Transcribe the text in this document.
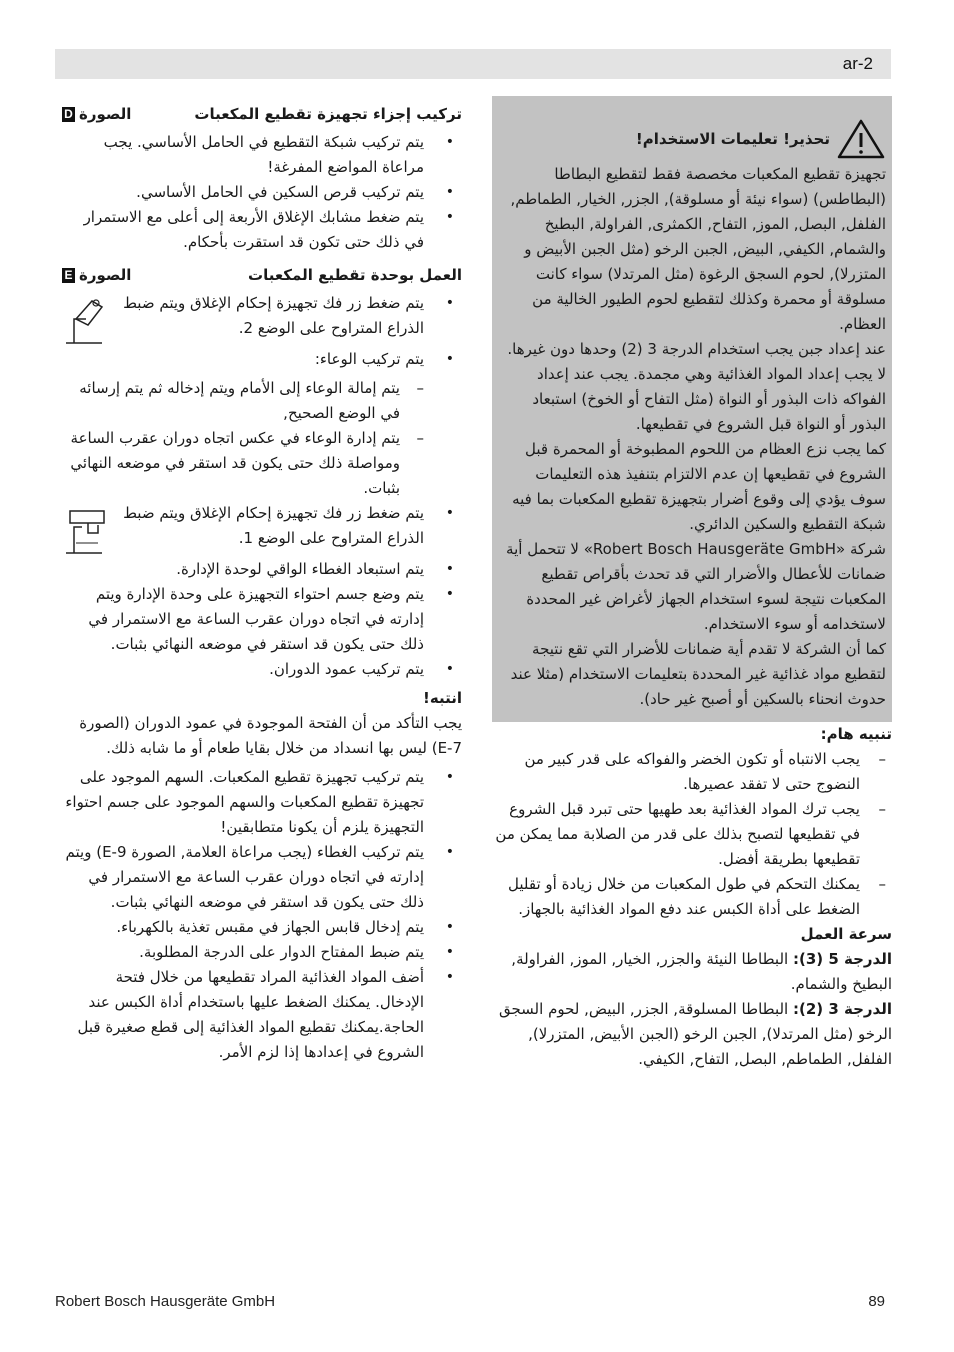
ar-2
تركيب إجزاء تجهيزة تقطيع المكعبات
الصورة
D
• يتم تركيب شبكة التقطيع في الحامل الأساسي. يجب مراعاة المواضع المفرغة!
• يتم تركيب قرص السكين في الحامل الأساسي.
• يتم ضغط مشابك الإغلاق الأربعة إلى أعلى مع الاستمرار في ذلك حتى تكون قد استقرت بأحكام.
العمل بوحدة تقطيع المكعبات
الصورة
E
• يتم ضغط زر فك تجهيزة إحكام الإغلاق ويتم ضبط الذراع المتراوح على الوضع 2.
• يتم تركيب الوعاء:
– يتم إمالة الوعاء إلى الأمام ويتم إدخاله ثم يتم إرسائه في الوضع الصحيح,
– يتم إدارة الوعاء في عكس اتجاه دوران عقرب الساعة ومواصلة ذلك حتى يكون قد استقر في موضعه النهائي بثبات.
• يتم ضغط زر فك تجهيزة إحكام الإغلاق ويتم ضبط الذراع المتراوح على الوضع 1.
• يتم استبعاد الغطاء الواقي لوحدة الإدارة.
• يتم وضع جسم احتواء التجهيزة على وحدة الإدارة ويتم إدارته في اتجاه دوران عقرب الساعة مع الاستمرار في ذلك حتى يكون قد استقر في موضعه النهائي بثبات.
• يتم تركيب عمود الدوران.

انتبه!

يجب التأكد من أن الفتحة الموجودة في عمود الدوران (الصورة E-7) ليس بها انسداد من خلال بقايا طعام أو ما شابه ذلك.

• يتم تركيب تجهيزة تقطيع المكعبات. السهم الموجود على تجهيزة تقطيع المكعبات والسهم الموجود على جسم احتواء التجهيزة يلزم أن يكونا متطابقين!
• يتم تركيب الغطاء (يجب مراعاة العلامة, الصورة E-9) ويتم إدارته في اتجاه دوران عقرب الساعة مع الاستمرار في ذلك حتى يكون قد استقر في موضعه النهائي بثبات.
• يتم إدخال قابس الجهاز في مقبس تغذية بالكهرباء.
• يتم ضبط المفتاح الدوار على الدرجة المطلوبة.
• أضف المواد الغذائية المراد تقطيعها من خلال فتحة الإدخال. يمكنك الضغط عليها باستخدام أداة الكبس عند الحاجة.يمكنك تقطيع المواد الغذائية إلى قطع صغيرة قبل الشروع في إعدادها إذا لزم الأمر.
تحذير! تعليمات الاستخدام!

تجهيزة تقطيع المكعبات مخصصة فقط لتقطيع البطاطا (البطاطس) (سواء نيئة أو مسلوقة), الجزر, الخيار, الطماطم, الفلفل, البصل, الموز, التفاح, الكمثرى, الفراولة, البطيخ والشمام, الكيفي, البيض, الجبن الرخو (مثل الجبن الأبيض و المتزرلا), لحوم السجق الرغوة (مثل المرتدلا) سواء كانت مسلوقة أو محمرة وكذلك لتقطيع لحوم الطيور الخالية من العظام.

عند إعداد جبن يجب استخدام الدرجة 3 (2) وحدها دون غيرها.

لا يجب إعداد المواد الغذائية وهي مجمدة. يجب عند إعداد الفواكه ذات البذور أو النواة (مثل التفاح أو الخوخ) استبعاد البذور أو النواة قبل الشروع في تقطيعها.

كما يجب نزع العظام من اللحوم المطبوخة أو المحمرة قبل الشروع في تقطيعها إن عدم الالتزام بتنفيذ هذه التعليمات سوف يؤدي إلى وقوع أضرار بتجهيزة تقطيع المكعبات بما فيه شبكة التقطيع والسكين الدائري.

شركة «Robert Bosch Hausgeräte GmbH» لا تتحمل أية ضمانات للأعطال والأضرار التي قد تحدث بأقراص تقطيع المكعبات نتيجة لسوء استخدام الجهاز لأغراض غير المحددة لاستخدامه أو سوء الاستخدام.

كما أن الشركة لا تقدم أية ضمانات للأضرار التي تقع نتيجة لتقطيع مواد غذائية غير المحددة بتعليمات الاستخدام (مثلا عند حدوث انحناء بالسكين أو أصبح غير حاد).

تنبيه هام:

– يجب الانتباه أو تكون الخضر والفواكه على قدر كبير من النضوج حتى لا تفقد عصيرها.
– يجب ترك المواد الغذائية بعد طهيها حتى تبرد قبل الشروع في تقطيعها لتصبح بذلك على قدر من الصلابة مما يمكن من تقطيعها بطريقة أفضل.
– يمكنك التحكم في طول المكعبات من خلال زيادة أو تقليل الضغط على أداة الكبس عند دفع المواد الغذائية بالجهاز.

سرعة العمل

الدرجة 5 (3): البطاطا النيئة والجزر, الخيار, الموز, الفراولة, البطيخ والشمام.

الدرجة 3 (2): البطاطا المسلوقة, الجزر, البيض, لحوم السجق الرخو (مثل المرتدلا), الجبن الرخو (الجبن الأبيض, المتزرلا), الفلفل, الطماطم, البصل, التفاح, الكيفي.

Robert Bosch Hausgeräte GmbH	89
